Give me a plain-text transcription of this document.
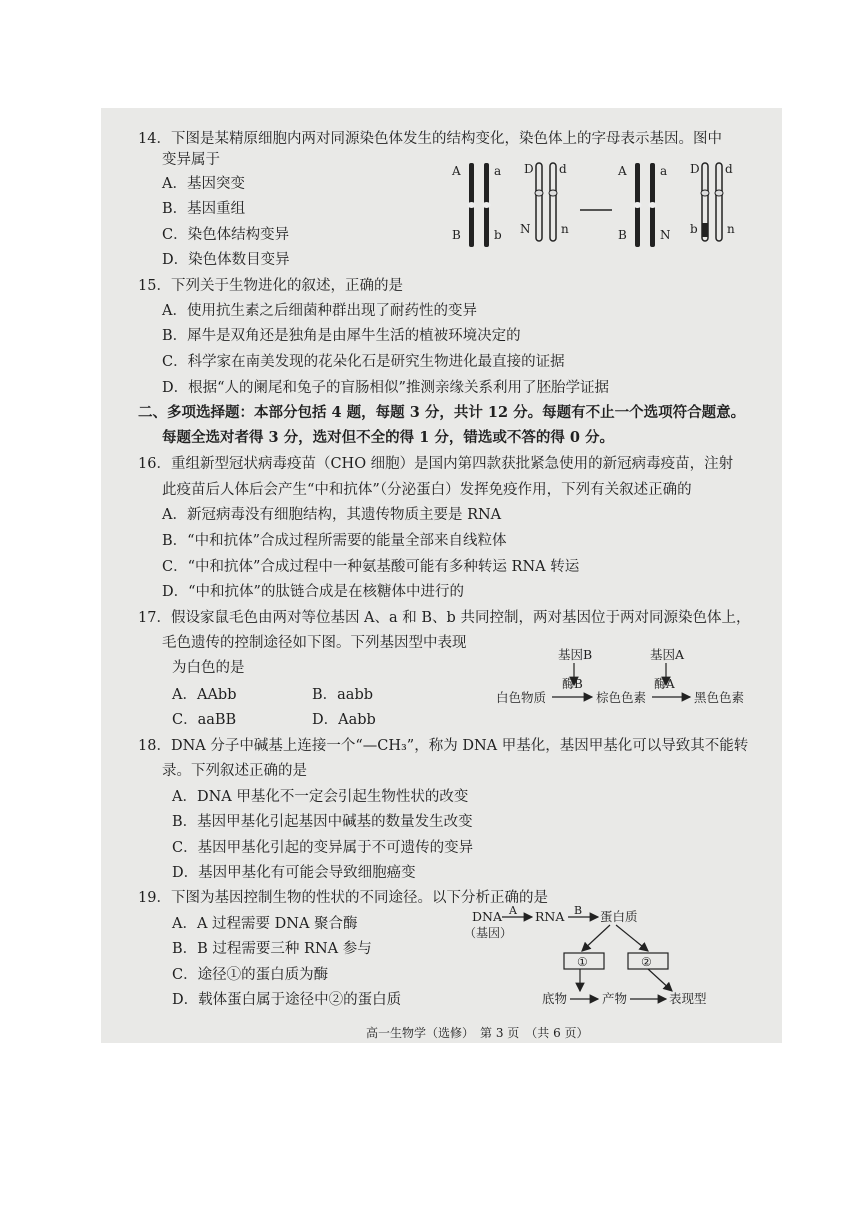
14．下图是某精原细胞内两对同源染色体发生的结构变化，染色体上的字母表示基因。图中
变异属于
A．基因突变
B．基因重组
C．染色体结构变异
D．染色体数目变异
A	a
B	b
D d
N	n
A	a
B	N
D d
b n
15．下列关于生物进化的叙述，正确的是
A．使用抗生素之后细菌种群出现了耐药性的变异
B．犀牛是双角还是独角是由犀牛生活的植被环境决定的
C．科学家在南美发现的花朵化石是研究生物进化最直接的证据
D．根据“人的阑尾和兔子的盲肠相似”推测亲缘关系利用了胚胎学证据
二、多项选择题：本部分包括 4 题，每题 3 分，共计 12 分。每题有不止一个选项符合题意。
每题全选对者得 3 分，选对但不全的得 1 分，错选或不答的得 0 分。
16．重组新型冠状病毒疫苗（CHO 细胞）是国内第四款获批紧急使用的新冠病毒疫苗，注射
此疫苗后人体后会产生“中和抗体”（分泌蛋白）发挥免疫作用，下列有关叙述正确的
A．新冠病毒没有细胞结构，其遗传物质主要是 RNA
B．“中和抗体”合成过程所需要的能量全部来自线粒体
C．“中和抗体”合成过程中一种氨基酸可能有多种转运 RNA 转运
D．“中和抗体”的肽链合成是在核糖体中进行的
17．假设家鼠毛色由两对等位基因 A、a 和 B、b 共同控制，两对基因位于两对同源染色体上，
毛色遗传的控制途径如下图。下列基因型中表现
为白色的是
A．AAbb	B．aabb
C．aaBB	D．Aabb
基因B	基因A
白色物质
酶B
棕色色素
酶A
黑色色素
18．DNA 分子中碱基上连接一个“—CH₃”，称为 DNA 甲基化，基因甲基化可以导致其不能转
录。下列叙述正确的是
A．DNA 甲基化不一定会引起生物性状的改变
B．基因甲基化引起基因中碱基的数量发生改变
C．基因甲基化引起的变异属于不可遗传的变异
D．基因甲基化有可能会导致细胞癌变
19．下图为基因控制生物的性状的不同途径。以下分析正确的是
A．A 过程需要 DNA 聚合酶
B．B 过程需要三种 RNA 参与
C．途径①的蛋白质为酶
D．载体蛋白属于途径中②的蛋白质
DNA
（基因）
A RNA B 蛋白质
①	②
底物	产物	表现型
高一生物学（选修）　第 3 页　（共 6 页）
